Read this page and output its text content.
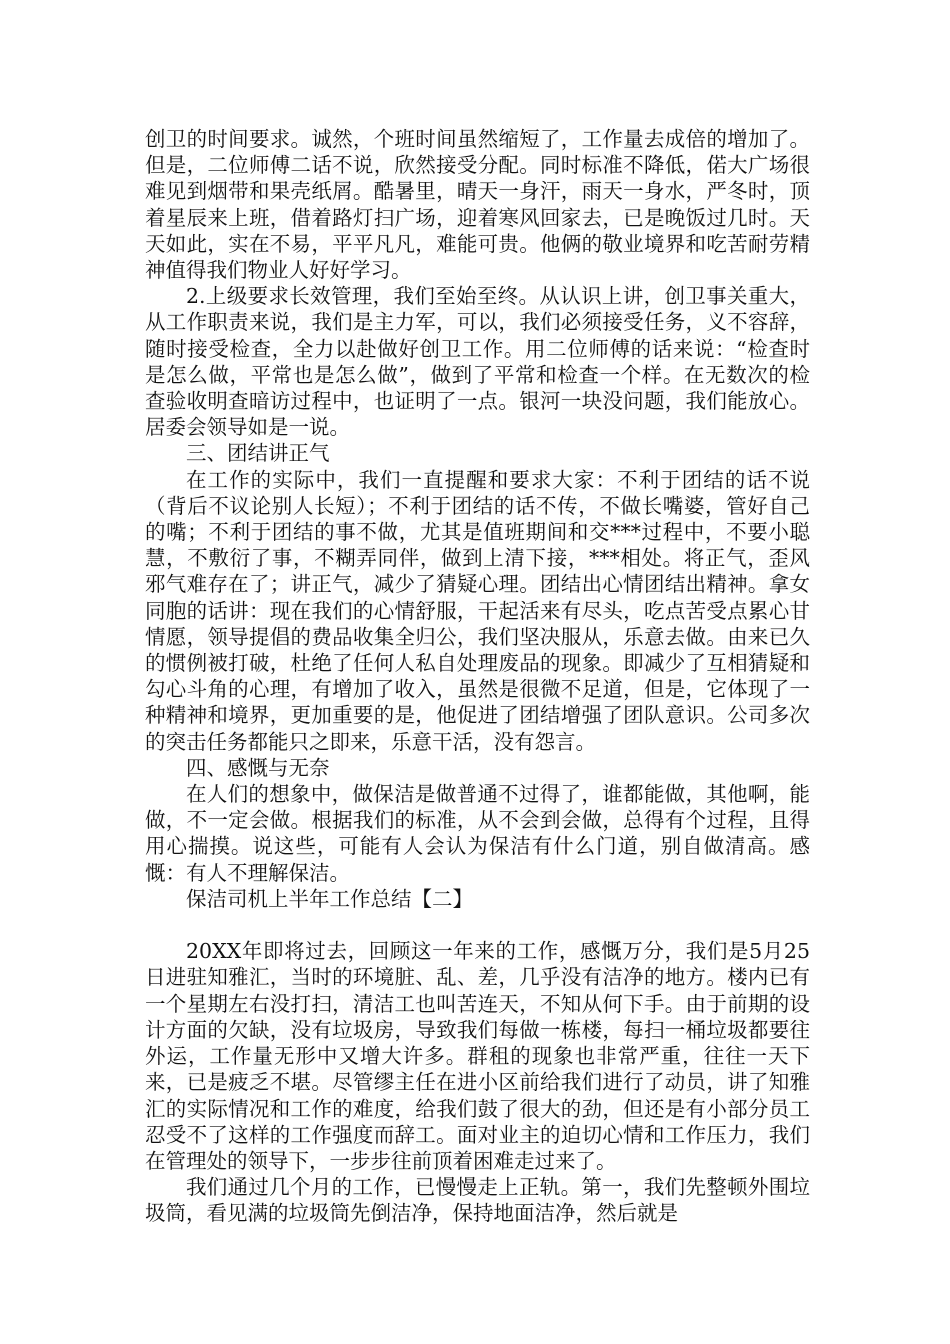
创卫的时间要求。诚然，个班时间虽然缩短了，工作量去成倍的增加了。但是，二位师傅二话不说，欣然接受分配。同时标准不降低，偌大广场很难见到烟带和果壳纸屑。酷暑里，晴天一身汗，雨天一身水，严冬时，顶着星辰来上班，借着路灯扫广场，迎着寒风回家去，已是晚饭过几时。天天如此，实在不易，平平凡凡，难能可贵。他俩的敬业境界和吃苦耐劳精神值得我们物业人好好学习。

2.上级要求长效管理，我们至始至终。从认识上讲，创卫事关重大，从工作职责来说，我们是主力军，可以，我们必须接受任务，义不容辞，随时接受检查，全力以赴做好创卫工作。用二位师傅的话来说：“检查时是怎么做，平常也是怎么做”，做到了平常和检查一个样。在无数次的检查验收明查暗访过程中，也证明了一点。银河一块没问题，我们能放心。居委会领导如是一说。

三、团结讲正气

在工作的实际中，我们一直提醒和要求大家：不利于团结的话不说（背后不议论别人长短）；不利于团结的话不传，不做长嘴婆，管好自己的嘴；不利于团结的事不做，尤其是值班期间和交***过程中，不要小聪慧，不敷衍了事，不糊弄同伴，做到上清下接，***相处。将正气，歪风邪气难存在了；讲正气，减少了猜疑心理。团结出心情团结出精神。拿女同胞的话讲：现在我们的心情舒服，干起活来有尽头，吃点苦受点累心甘情愿，领导提倡的费品收集全归公，我们坚决服从，乐意去做。由来已久的惯例被打破，杜绝了任何人私自处理废品的现象。即减少了互相猜疑和勾心斗角的心理，有增加了收入，虽然是很微不足道，但是，它体现了一种精神和境界，更加重要的是，他促进了团结增强了团队意识。公司多次的突击任务都能只之即来，乐意干活，没有怨言。

四、感慨与无奈

在人们的想象中，做保洁是做普通不过得了，谁都能做，其他啊，能做，不一定会做。根据我们的标准，从不会到会做，总得有个过程，且得用心揣摸。说这些，可能有人会认为保洁有什么门道，别自做清高。感慨：有人不理解保洁。

保洁司机上半年工作总结【二】

20XX年即将过去，回顾这一年来的工作，感慨万分，我们是5月25日进驻知雅汇，当时的环境脏、乱、差，几乎没有洁净的地方。楼内已有一个星期左右没打扫，清洁工也叫苦连天，不知从何下手。由于前期的设计方面的欠缺，没有垃圾房，导致我们每做一栋楼，每扫一桶垃圾都要往外运，工作量无形中又增大许多。群租的现象也非常严重，往往一天下来，已是疲乏不堪。尽管缪主任在进小区前给我们进行了动员，讲了知雅汇的实际情况和工作的难度，给我们鼓了很大的劲，但还是有小部分员工忍受不了这样的工作强度而辞工。面对业主的迫切心情和工作压力，我们在管理处的领导下，一步步往前顶着困难走过来了。

我们通过几个月的工作，已慢慢走上正轨。第一，我们先整顿外围垃圾筒，看见满的垃圾筒先倒洁净，保持地面洁净，然后就是
